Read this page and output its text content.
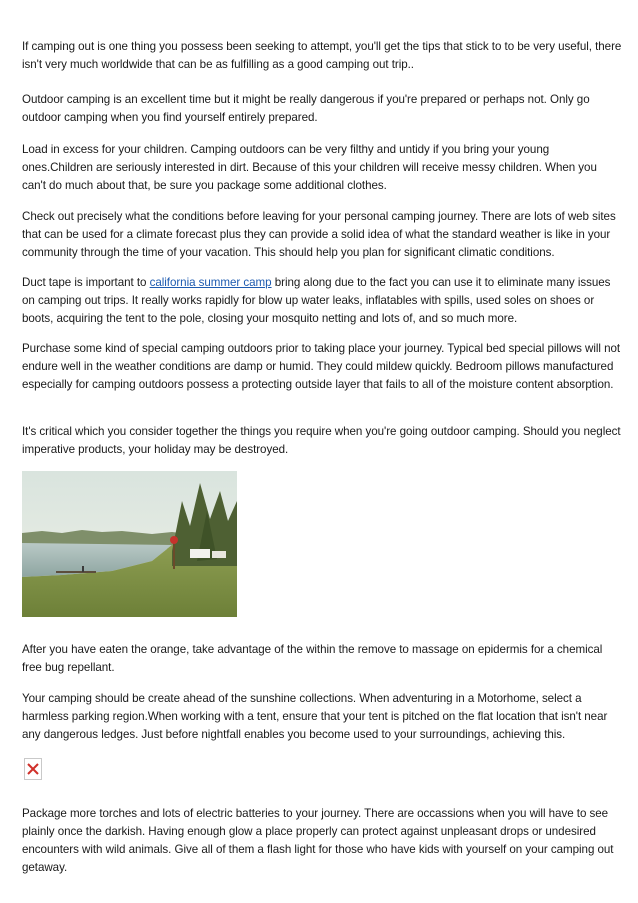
If camping out is one thing you possess been seeking to attempt, you'll get the tips that stick to to be very useful, there isn't very much worldwide that can be as fulfilling as a good camping out trip..

Outdoor camping is an excellent time but it might be really dangerous if you're prepared or perhaps not. Only go outdoor camping when you find yourself entirely prepared.

Load in excess for your children. Camping outdoors can be very filthy and untidy if you bring your young ones.Children are seriously interested in dirt. Because of this your children will receive messy children. When you can't do much about that, be sure you package some additional clothes.

Check out precisely what the conditions before leaving for your personal camping journey. There are lots of web sites that can be used for a climate forecast plus they can provide a solid idea of what the standard weather is like in your community through the time of your vacation. This should help you plan for significant climatic conditions.

Duct tape is important to california summer camp bring along due to the fact you can use it to eliminate many issues on camping out trips. It really works rapidly for blow up water leaks, inflatables with spills, used soles on shoes or boots, acquiring the tent to the pole, closing your mosquito netting and lots of, and so much more.

Purchase some kind of special camping outdoors prior to taking place your journey. Typical bed special pillows will not endure well in the weather conditions are damp or humid. They could mildew quickly. Bedroom pillows manufactured especially for camping outdoors possess a protecting outside layer that fails to all of the moisture content absorption.

It's critical which you consider together the things you require when you're going outdoor camping. Should you neglect imperative products, your holiday may be destroyed.

After you have eaten the orange, take advantage of the within the remove to massage on epidermis for a chemical free bug repellant.

Your camping should be create ahead of the sunshine collections. When adventuring in a Motorhome, select a harmless parking region.When working with a tent, ensure that your tent is pitched on the flat location that isn't near any dangerous ledges. Just before nightfall enables you become used to your surroundings, achieving this.

Package more torches and lots of electric batteries to your journey. There are occassions when you will have to see plainly once the darkish. Having enough glow a place properly can protect against unpleasant drops or undesired encounters with wild animals. Give all of them a flash light for those who have kids with yourself on your camping out getaway.
